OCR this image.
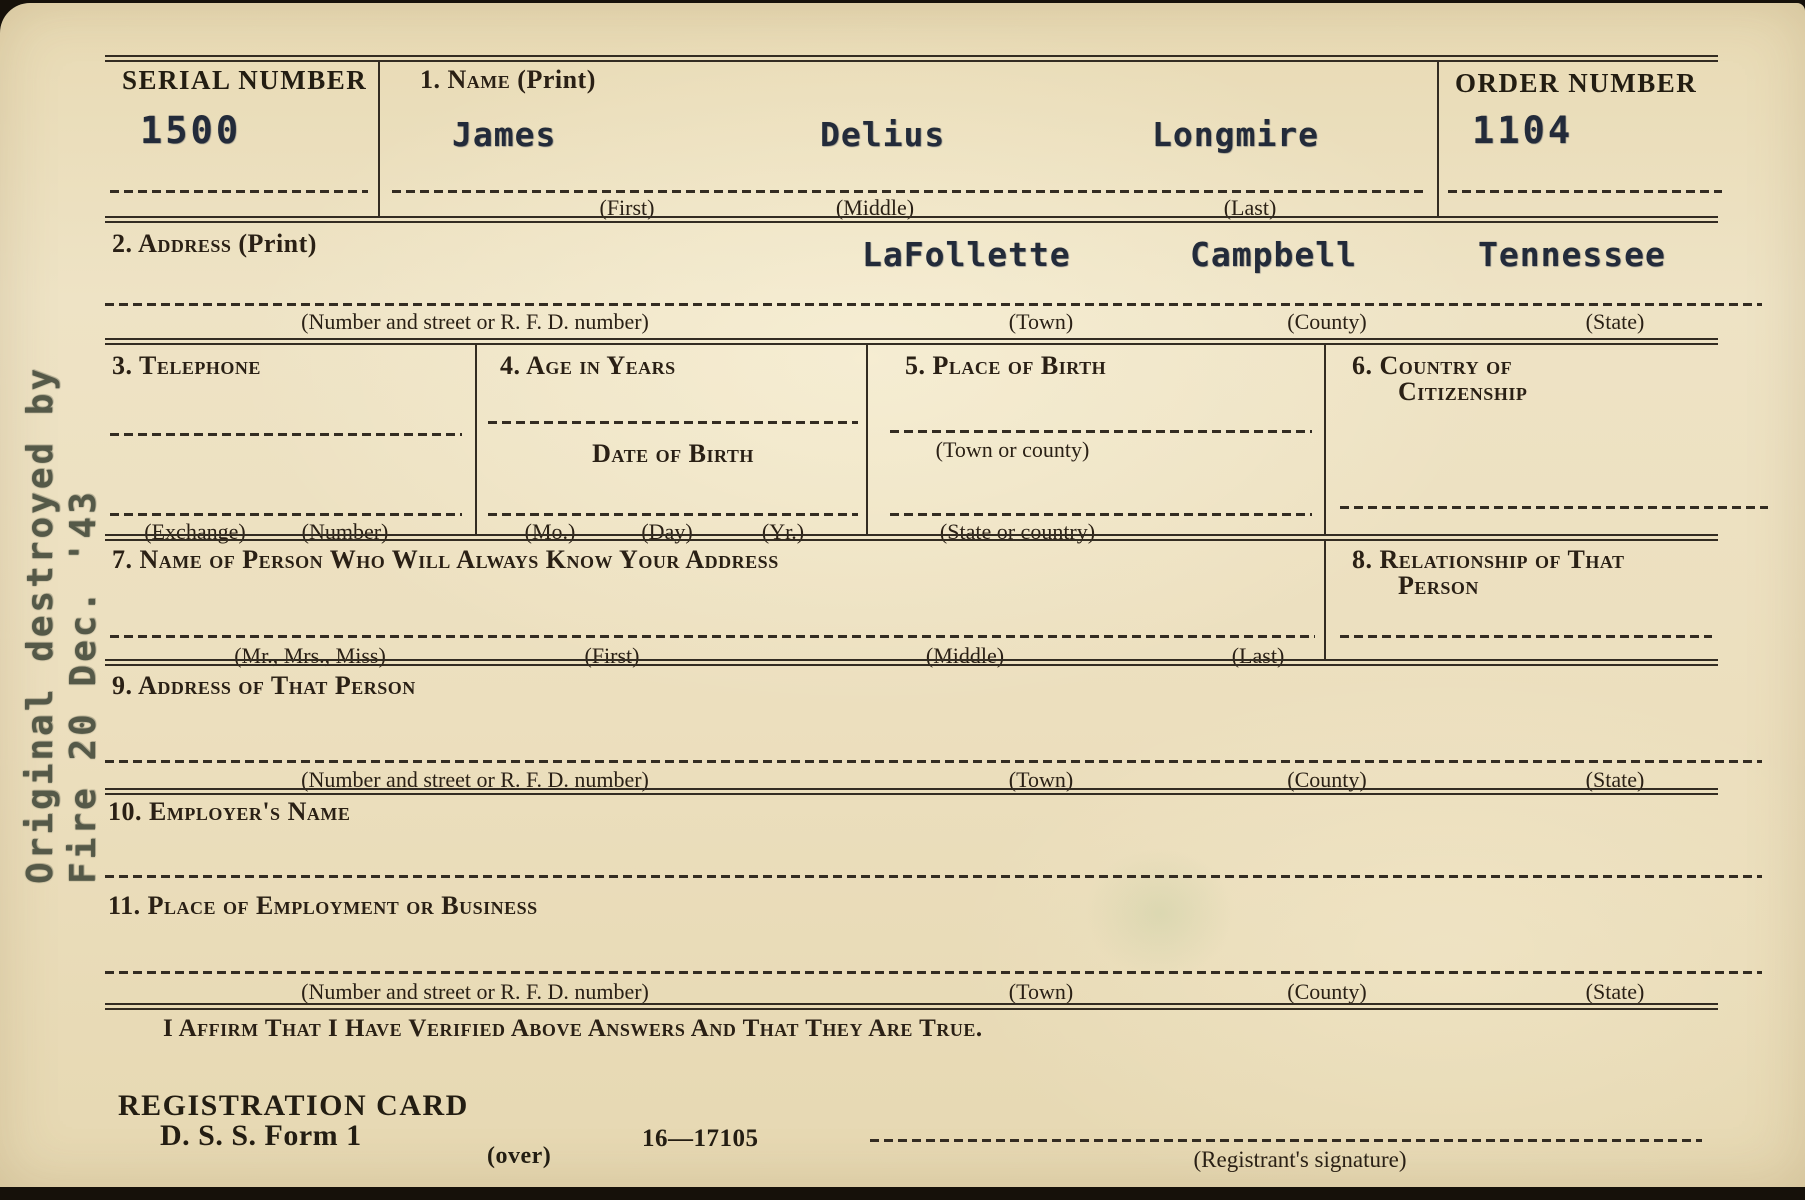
Original destroyed by Fire 20 Dec. '43
SERIAL NUMBER
1500
1. Name (Print)
James	Delius	Longmire
(First)	(Middle)	(Last)
ORDER NUMBER
1104
2. Address (Print)	LaFollette	Campbell	Tennessee
(Number and street or R. F. D. number)	(Town)	(County)	(State)
3. Telephone
(Exchange)	(Number)
4. Age in Years
Date of Birth
(Mo.)	(Day)	(Yr.)
5. Place of Birth
(Town or county)
(State or country)
6. Country of
Citizenship
7. Name of Person Who Will Always Know Your Address
(Mr., Mrs., Miss)	(First)	(Middle)	(Last)
8. Relationship of That
Person
9. Address of That Person
(Number and street or R. F. D. number)	(Town)	(County)	(State)
10. Employer's Name
11. Place of Employment or Business
(Number and street or R. F. D. number)	(Town)	(County)	(State)
I Affirm That I Have Verified Above Answers And That They Are True.
REGISTRATION CARD
D. S. S. Form 1
(over)
16—17105
(Registrant's signature)
